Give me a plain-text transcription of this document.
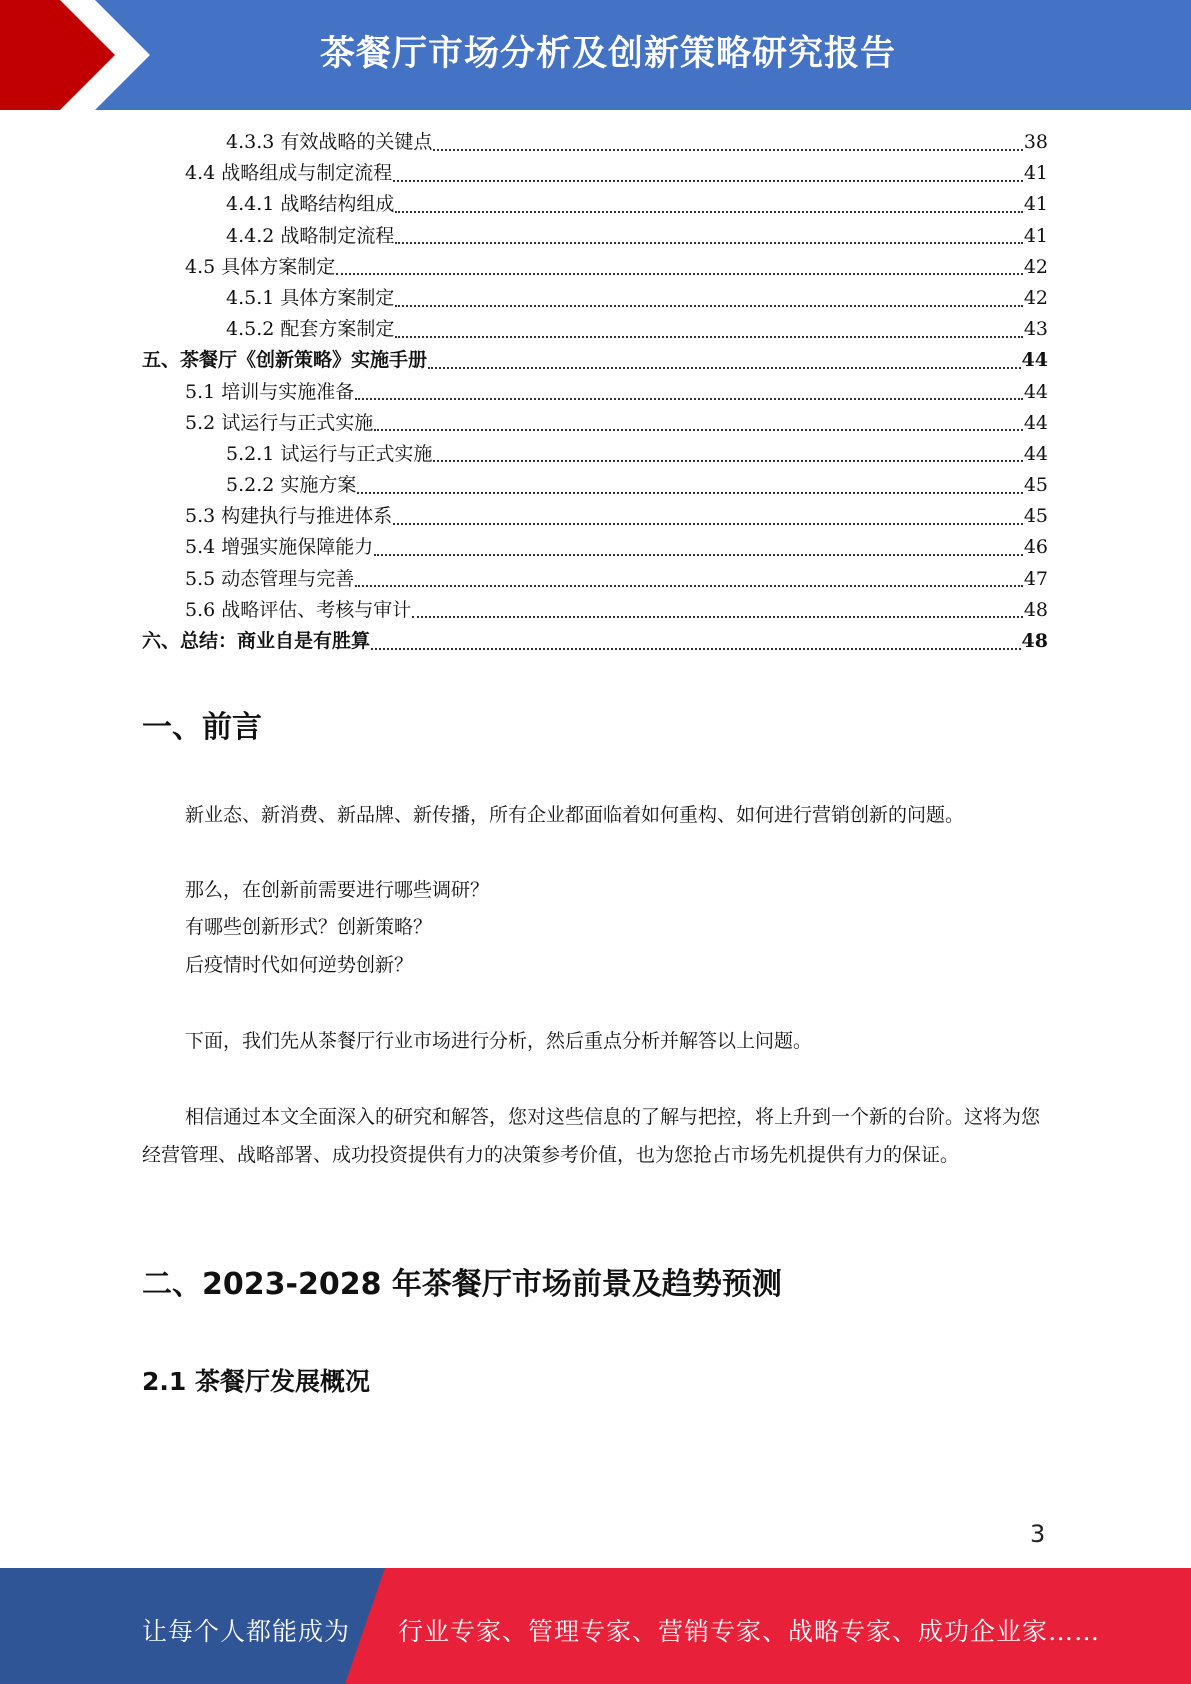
茶餐厅市场分析及创新策略研究报告
4.3.3 有效战略的关键点	38
4.4 战略组成与制定流程	41
4.4.1 战略结构组成	41
4.4.2 战略制定流程	41
4.5 具体方案制定	42
4.5.1 具体方案制定	42
4.5.2 配套方案制定	43
五、茶餐厅《创新策略》实施手册	44
5.1 培训与实施准备	44
5.2 试运行与正式实施	44
5.2.1 试运行与正式实施	44
5.2.2 实施方案	45
5.3 构建执行与推进体系	45
5.4 增强实施保障能力	46
5.5 动态管理与完善	47
5.6 战略评估、考核与审计	48
六、总结：商业自是有胜算	48
一、前言

新业态、新消费、新品牌、新传播，所有企业都面临着如何重构、如何进行营销创新的问题。

那么，在创新前需要进行哪些调研？

有哪些创新形式？创新策略？

后疫情时代如何逆势创新？

下面，我们先从茶餐厅行业市场进行分析，然后重点分析并解答以上问题。

相信通过本文全面深入的研究和解答，您对这些信息的了解与把控，将上升到一个新的台阶。这将为您经营管理、战略部署、成功投资提供有力的决策参考价值，也为您抢占市场先机提供有力的保证。

二、2023-2028 年茶餐厅市场前景及趋势预测
2.1 茶餐厅发展概况
3
让每个人都能成为 行业专家、管理专家、营销专家、战略专家、成功企业家……
